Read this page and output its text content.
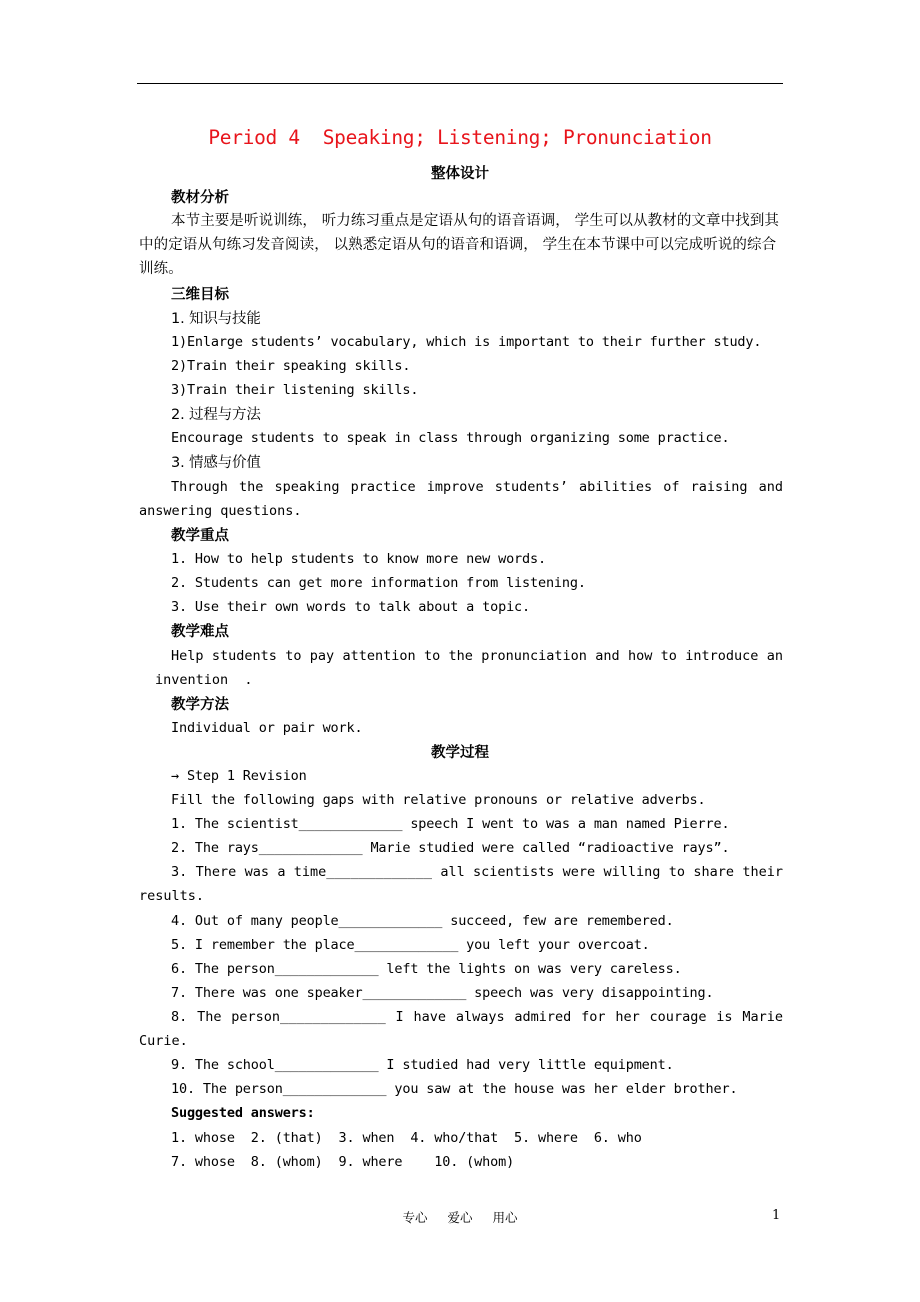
Period 4  Speaking; Listening; Pronunciation
整体设计
教材分析
本节主要是听说训练， 听力练习重点是定语从句的语音语调， 学生可以从教材的文章中找到其中的定语从句练习发音阅读， 以熟悉定语从句的语音和语调， 学生在本节课中可以完成听说的综合训练。
三维目标
1. 知识与技能
1)Enlarge students’ vocabulary, which is important to their further study.
2)Train their speaking skills.
3)Train their listening skills.
2. 过程与方法
Encourage students to speak in class through organizing some practice.
3. 情感与价值
Through the speaking practice improve students’ abilities of raising and
answering questions.
教学重点
1. How to help students to know more new words.
2. Students can get more information from listening.
3. Use their own words to talk about a topic.
教学难点
Help students to pay attention to the pronunciation and how to introduce an
invention  .
教学方法
Individual or pair work.
教学过程
→ Step 1 Revision
Fill the following gaps with relative pronouns or relative adverbs.
1. The scientist_____________ speech I went to was a man named Pierre.
2. The rays_____________ Marie studied were called “radioactive rays”.
3. There was a time_____________ all scientists were willing to share their
results.
4. Out of many people_____________ succeed, few are remembered.
5. I remember the place_____________ you left your overcoat.
6. The person_____________ left the lights on was very careless.
7. There was one speaker_____________ speech was very disappointing.
8. The person_____________ I have always admired for her courage is Marie
Curie.
9. The school_____________ I studied had very little equipment.
10. The person_____________ you saw at the house was her elder brother.
Suggested answers:
1. whose  2. (that)  3. when  4. who/that  5. where  6. who
7. whose  8. (whom)  9. where    10. (whom)
专心 爱心 用心	1
